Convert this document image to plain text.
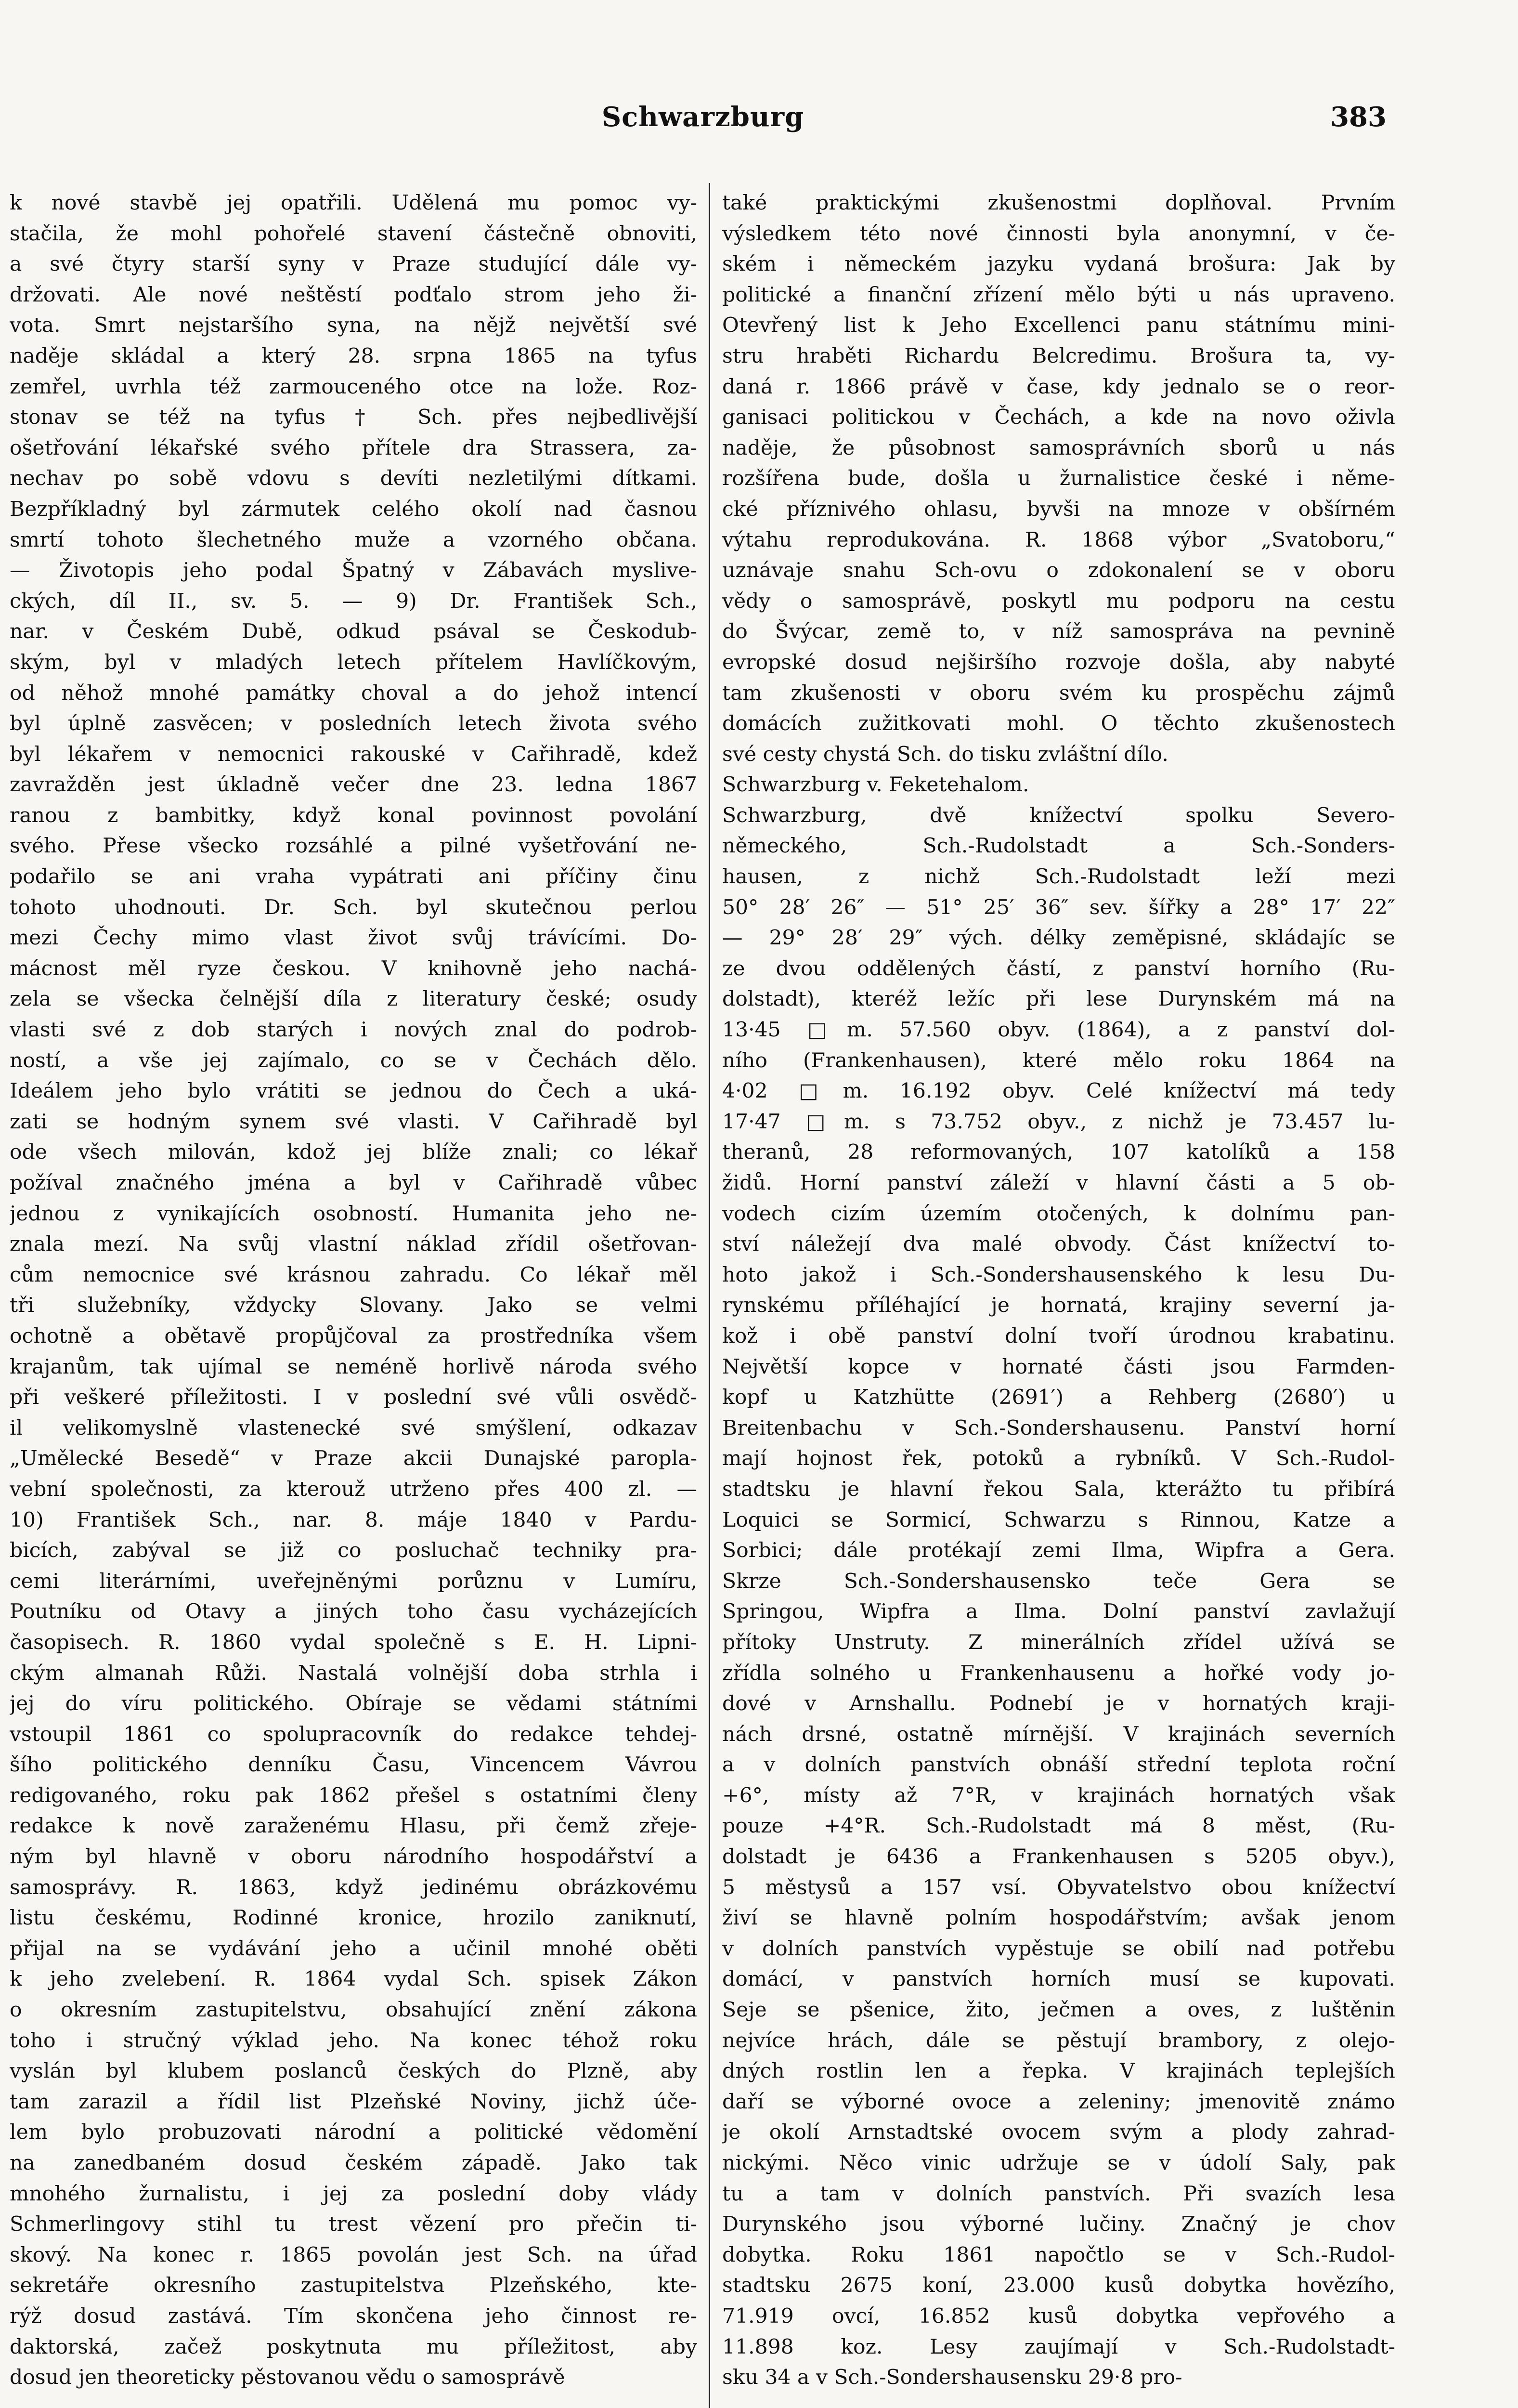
Schwarzburg	383
k nové stavbě jej opatřili. Udělená mu pomoc vy-
stačila, že mohl pohořelé stavení částečně obnoviti,
a své čtyry starší syny v Praze studující dále vy-
držovati. Ale nové neštěstí podťalo strom jeho ži-
vota. Smrt nejstaršího syna, na nějž největší své
naděje skládal a který 28. srpna 1865 na tyfus
zemřel, uvrhla též zarmouceného otce na lože. Roz-
stonav se též na tyfus † Sch. přes nejbedlivější
ošetřování lékařské svého přítele dra Strassera, za-
nechav po sobě vdovu s devíti nezletilými dítkami.
Bezpříkladný byl zármutek celého okolí nad časnou
smrtí tohoto šlechetného muže a vzorného občana.
— Životopis jeho podal Špatný v Zábavách myslive-
ckých, díl II., sv. 5. — 9) Dr. František Sch.,
nar. v Českém Dubě, odkud psával se Českodub-
ským, byl v mladých letech přítelem Havlíčkovým,
od něhož mnohé památky choval a do jehož intencí
byl úplně zasvěcen; v posledních letech života svého
byl lékařem v nemocnici rakouské v Cařihradě, kdež
zavražděn jest úkladně večer dne 23. ledna 1867
ranou z bambitky, když konal povinnost povolání
svého. Přese všecko rozsáhlé a pilné vyšetřování ne-
podařilo se ani vraha vypátrati ani příčiny činu
tohoto uhodnouti. Dr. Sch. byl skutečnou perlou
mezi Čechy mimo vlast život svůj trávícími. Do-
mácnost měl ryze českou. V knihovně jeho nachá-
zela se všecka čelnější díla z literatury české; osudy
vlasti své z dob starých i nových znal do podrob-
ností, a vše jej zajímalo, co se v Čechách dělo.
Ideálem jeho bylo vrátiti se jednou do Čech a uká-
zati se hodným synem své vlasti. V Cařihradě byl
ode všech milován, kdož jej blíže znali; co lékař
požíval značného jména a byl v Cařihradě vůbec
jednou z vynikajících osobností. Humanita jeho ne-
znala mezí. Na svůj vlastní náklad zřídil ošetřovan-
cům nemocnice své krásnou zahradu. Co lékař měl
tři služebníky, vždycky Slovany. Jako se velmi
ochotně a obětavě propůjčoval za prostředníka všem
krajanům, tak ujímal se neméně horlivě národa svého
při veškeré příležitosti. I v poslední své vůli osvědč-
il velikomyslně vlastenecké své smýšlení, odkazav
„Umělecké Besedě“ v Praze akcii Dunajské paropla-
vební společnosti, za kterouž utrženo přes 400 zl. —
10) František Sch., nar. 8. máje 1840 v Pardu-
bicích, zabýval se již co posluchač techniky pra-
cemi literárními, uveřejněnými porůznu v Lumíru,
Poutníku od Otavy a jiných toho času vycházejících
časopisech. R. 1860 vydal společně s E. H. Lipni-
ckým almanah Růži. Nastalá volnější doba strhla i
jej do víru politického. Obíraje se vědami státními
vstoupil 1861 co spolupracovník do redakce tehdej-
šího politického denníku Času, Vincencem Vávrou
redigovaného, roku pak 1862 přešel s ostatními členy
redakce k nově zaraženému Hlasu, při čemž zřeje-
ným byl hlavně v oboru národního hospodářství a
samosprávy. R. 1863, když jedinému obrázkovému
listu českému, Rodinné kronice, hrozilo zaniknutí,
přijal na se vydávání jeho a učinil mnohé oběti
k jeho zvelebení. R. 1864 vydal Sch. spisek Zákon
o okresním zastupitelstvu, obsahující znění zákona
toho i stručný výklad jeho. Na konec téhož roku
vyslán byl klubem poslanců českých do Plzně, aby
tam zarazil a řídil list Plzeňské Noviny, jichž úče-
lem bylo probuzovati národní a politické vědomění
na zanedbaném dosud českém západě. Jako tak
mnohého žurnalistu, i jej za poslední doby vlády
Schmerlingovy stihl tu trest vězení pro přečin ti-
skový. Na konec r. 1865 povolán jest Sch. na úřad
sekretáře okresního zastupitelstva Plzeňského, kte-
rýž dosud zastává. Tím skončena jeho činnost re-
daktorská, začež poskytnuta mu příležitost, aby
dosud jen theoreticky pěstovanou vědu o samosprávě
také praktickými zkušenostmi doplňoval. Prvním
výsledkem této nové činnosti byla anonymní, v če-
ském i německém jazyku vydaná brošura: Jak by
politické a finanční zřízení mělo býti u nás upraveno.
Otevřený list k Jeho Excellenci panu státnímu mini-
stru hraběti Richardu Belcredimu. Brošura ta, vy-
daná r. 1866 právě v čase, kdy jednalo se o reor-
ganisaci politickou v Čechách, a kde na novo oživla
naděje, že působnost samosprávních sborů u nás
rozšířena bude, došla u žurnalistice české i něme-
cké příznivého ohlasu, byvši na mnoze v obšírném
výtahu reprodukována. R. 1868 výbor „Svatoboru,“
uznávaje snahu Sch-ovu o zdokonalení se v oboru
vědy o samosprávě, poskytl mu podporu na cestu
do Švýcar, země to, v níž samospráva na pevnině
evropské dosud nejširšího rozvoje došla, aby nabyté
tam zkušenosti v oboru svém ku prospěchu zájmů
domácích zužitkovati mohl. O těchto zkušenostech
své cesty chystá Sch. do tisku zvláštní dílo.
Schwarzburg v. Feketehalom.
Schwarzburg, dvě knížectví spolku Severo-
německého, Sch.-Rudolstadt a Sch.-Sonders-
hausen, z nichž Sch.-Rudolstadt leží mezi
50° 28′ 26″ — 51° 25′ 36″ sev. šířky a 28° 17′ 22″
— 29° 28′ 29″ vých. délky zeměpisné, skládajíc se
ze dvou oddělených částí, z panství horního (Ru-
dolstadt), kteréž ležíc při lese Durynském má na
13·45 □m. 57.560 obyv. (1864), a z panství dol-
ního (Frankenhausen), které mělo roku 1864 na
4·02 □m. 16.192 obyv. Celé knížectví má tedy
17·47 □m. s 73.752 obyv., z nichž je 73.457 lu-
theranů, 28 reformovaných, 107 katolíků a 158
židů. Horní panství záleží v hlavní části a 5 ob-
vodech cizím územím otočených, k dolnímu pan-
ství náležejí dva malé obvody. Část knížectví to-
hoto jakož i Sch.-Sondershausenského k lesu Du-
rynskému příléhající je hornatá, krajiny severní ja-
kož i obě panství dolní tvoří úrodnou krabatinu.
Největší kopce v hornaté části jsou Farmden-
kopf u Katzhütte (2691′) a Rehberg (2680′) u
Breitenbachu v Sch.-Sondershausenu. Panství horní
mají hojnost řek, potoků a rybníků. V Sch.-Rudol-
stadtsku je hlavní řekou Sala, kterážto tu přibírá
Loquici se Sormicí, Schwarzu s Rinnou, Katze a
Sorbici; dále protékají zemi Ilma, Wipfra a Gera.
Skrze Sch.-Sondershausensko teče Gera se
Springou, Wipfra a Ilma. Dolní panství zavlažují
přítoky Unstruty. Z minerálních zřídel užívá se
zřídla solného u Frankenhausenu a hořké vody jo-
dové v Arnshallu. Podnebí je v hornatých kraji-
nách drsné, ostatně mírnější. V krajinách severních
a v dolních panstvích obnáší střední teplota roční
+6°, místy až 7°R, v krajinách hornatých však
pouze +4°R. Sch.-Rudolstadt má 8 měst, (Ru-
dolstadt je 6436 a Frankenhausen s 5205 obyv.),
5 městysů a 157 vsí. Obyvatelstvo obou knížectví
živí se hlavně polním hospodářstvím; avšak jenom
v dolních panstvích vypěstuje se obilí nad potřebu
domácí, v panstvích horních musí se kupovati.
Seje se pšenice, žito, ječmen a oves, z luštěnin
nejvíce hrách, dále se pěstují brambory, z olejo-
dných rostlin len a řepka. V krajinách teplejších
daří se výborné ovoce a zeleniny; jmenovitě známo
je okolí Arnstadtské ovocem svým a plody zahrad-
nickými. Něco vinic udržuje se v údolí Saly, pak
tu a tam v dolních panstvích. Při svazích lesa
Durynského jsou výborné lučiny. Značný je chov
dobytka. Roku 1861 napočtlo se v Sch.-Rudol-
stadtsku 2675 koní, 23.000 kusů dobytka hovězího,
71.919 ovcí, 16.852 kusů dobytka vepřového a
11.898 koz. Lesy zaujímají v Sch.-Rudolstadt-
sku 34 a v Sch.-Sondershausensku 29·8 pro-
